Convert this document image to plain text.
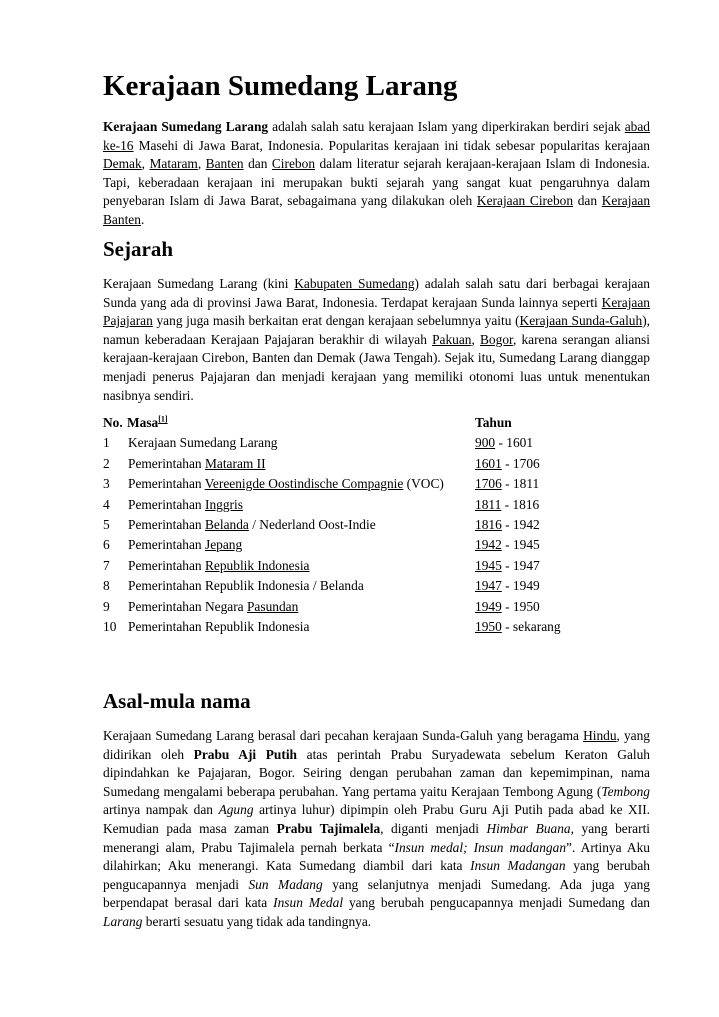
Kerajaan Sumedang Larang

Kerajaan Sumedang Larang adalah salah satu kerajaan Islam yang diperkirakan berdiri sejak abad ke-16 Masehi di Jawa Barat, Indonesia. Popularitas kerajaan ini tidak sebesar popularitas kerajaan Demak, Mataram, Banten dan Cirebon dalam literatur sejarah kerajaan-kerajaan Islam di Indonesia. Tapi, keberadaan kerajaan ini merupakan bukti sejarah yang sangat kuat pengaruhnya dalam penyebaran Islam di Jawa Barat, sebagaimana yang dilakukan oleh Kerajaan Cirebon dan Kerajaan Banten.

Sejarah

Kerajaan Sumedang Larang (kini Kabupaten Sumedang) adalah salah satu dari berbagai kerajaan Sunda yang ada di provinsi Jawa Barat, Indonesia. Terdapat kerajaan Sunda lainnya seperti Kerajaan Pajajaran yang juga masih berkaitan erat dengan kerajaan sebelumnya yaitu (Kerajaan Sunda-Galuh), namun keberadaan Kerajaan Pajajaran berakhir di wilayah Pakuan, Bogor, karena serangan aliansi kerajaan-kerajaan Cirebon, Banten dan Demak (Jawa Tengah). Sejak itu, Sumedang Larang dianggap menjadi penerus Pajajaran dan menjadi kerajaan yang memiliki otonomi luas untuk menentukan nasibnya sendiri.

No. Masa[1]	Tahun
1 Kerajaan Sumedang Larang	900 - 1601
2 Pemerintahan Mataram II	1601 - 1706
3 Pemerintahan Vereenigde Oostindische Compagnie (VOC) 1706 - 1811
4 Pemerintahan Inggris	1811 - 1816
5 Pemerintahan Belanda / Nederland Oost-Indie	1816 - 1942
6 Pemerintahan Jepang	1942 - 1945
7 Pemerintahan Republik Indonesia	1945 - 1947
8 Pemerintahan Republik Indonesia / Belanda	1947 - 1949
9 Pemerintahan Negara Pasundan	1949 - 1950
10 Pemerintahan Republik Indonesia	1950 - sekarang
Asal-mula nama

Kerajaan Sumedang Larang berasal dari pecahan kerajaan Sunda-Galuh yang beragama Hindu, yang didirikan oleh Prabu Aji Putih atas perintah Prabu Suryadewata sebelum Keraton Galuh dipindahkan ke Pajajaran, Bogor. Seiring dengan perubahan zaman dan kepemimpinan, nama Sumedang mengalami beberapa perubahan. Yang pertama yaitu Kerajaan Tembong Agung (Tembong artinya nampak dan Agung artinya luhur) dipimpin oleh Prabu Guru Aji Putih pada abad ke XII. Kemudian pada masa zaman Prabu Tajimalela, diganti menjadi Himbar Buana, yang berarti menerangi alam, Prabu Tajimalela pernah berkata “Insun medal; Insun madangan”. Artinya Aku dilahirkan; Aku menerangi. Kata Sumedang diambil dari kata Insun Madangan yang berubah pengucapannya menjadi Sun Madang yang selanjutnya menjadi Sumedang. Ada juga yang berpendapat berasal dari kata Insun Medal yang berubah pengucapannya menjadi Sumedang dan Larang berarti sesuatu yang tidak ada tandingnya.
